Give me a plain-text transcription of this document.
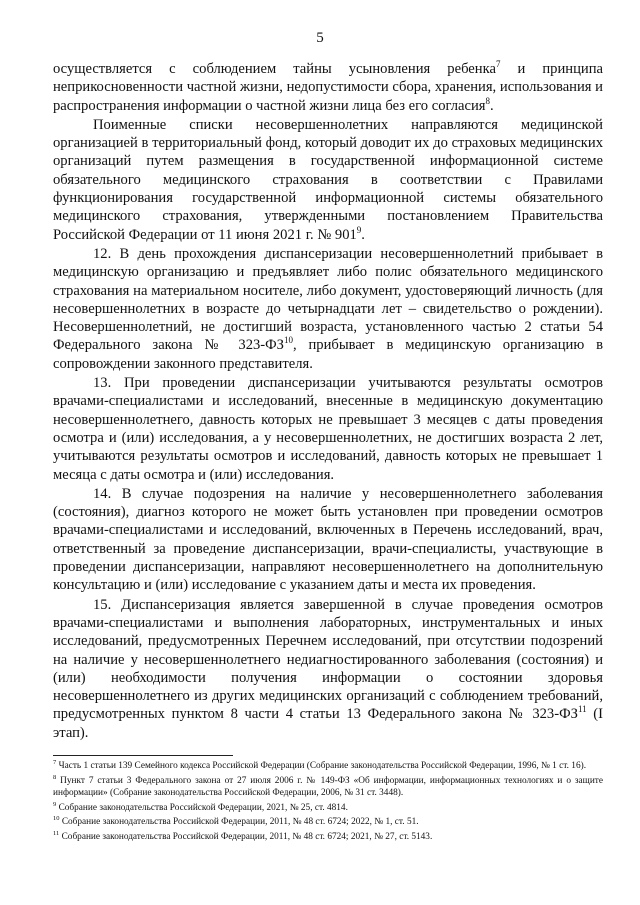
5

осуществляется с соблюдением тайны усыновления ребенка$^7$ и принципа неприкосновенности частной жизни, недопустимости сбора, хранения, использования и распространения информации о частной жизни лица без его согласия$^8$.

Поименные списки несовершеннолетних направляются медицинской организацией в территориальный фонд, который доводит их до страховых медицинских организаций путем размещения в государственной информационной системе обязательного медицинского страхования в соответствии с Правилами функционирования государственной информационной системы обязательного медицинского страхования, утвержденными постановлением Правительства Российской Федерации от 11 июня 2021 г. № $901^9$.

12. В день прохождения диспансеризации несовершеннолетний прибывает в медицинскую организацию и предъявляет либо полис обязательного медицинского страхования на материальном носителе, либо документ, удостоверяющий личность (для несовершеннолетних в возрасте до четырнадцати лет – свидетельство о рождении). Несовершеннолетний, не достигший возраста, установленного частью 2 статьи 54 Федерального закона № 323-ФЗ$^{10}$, прибывает в медицинскую организацию в сопровождении законного представителя.

13. При проведении диспансеризации учитываются результаты осмотров врачами-специалистами и исследований, внесенные в медицинскую документацию несовершеннолетнего, давность которых не превышает 3 месяцев с даты проведения осмотра и (или) исследования, а у несовершеннолетних, не достигших возраста 2 лет, учитываются результаты осмотров и исследований, давность которых не превышает 1 месяца с даты осмотра и (или) исследования.

14. В случае подозрения на наличие у несовершеннолетнего заболевания (состояния), диагноз которого не может быть установлен при проведении осмотров врачами-специалистами и исследований, включенных в Перечень исследований, врач, ответственный за проведение диспансеризации, врачи-специалисты, участвующие в проведении диспансеризации, направляют несовершеннолетнего на дополнительную консультацию и (или) исследование с указанием даты и места их проведения.

15. Диспансеризация является завершенной в случае проведения осмотров врачами-специалистами и выполнения лабораторных, инструментальных и иных исследований, предусмотренных Перечнем исследований, при отсутствии подозрений на наличие у несовершеннолетнего недиагностированного заболевания (состояния) и (или) необходимости получения информации о состоянии здоровья несовершеннолетнего из других медицинских организаций с соблюдением требований, предусмотренных пунктом 8 части 4 статьи 13 Федерального закона № 323-ФЗ$^{11}$ (I этап).

$^7$ Часть 1 статьи 139 Семейного кодекса Российской Федерации (Собрание законодательства Российской Федерации, 1996, № 1 ст. 16).

$^8$ Пункт 7 статьи 3 Федерального закона от 27 июля 2006 г. № 149-ФЗ «Об информации, информационных технологиях и о защите информации» (Собрание законодательства Российской Федерации, 2006, № 31 ст. 3448).

$^9$ Собрание законодательства Российской Федерации, 2021, № 25, ст. 4814.

$^{10}$ Собрание законодательства Российской Федерации, 2011, № 48 ст. 6724; 2022, № 1, ст. 51.

$^{11}$ Собрание законодательства Российской Федерации, 2011, № 48 ст. 6724; 2021, № 27, ст. 5143.
